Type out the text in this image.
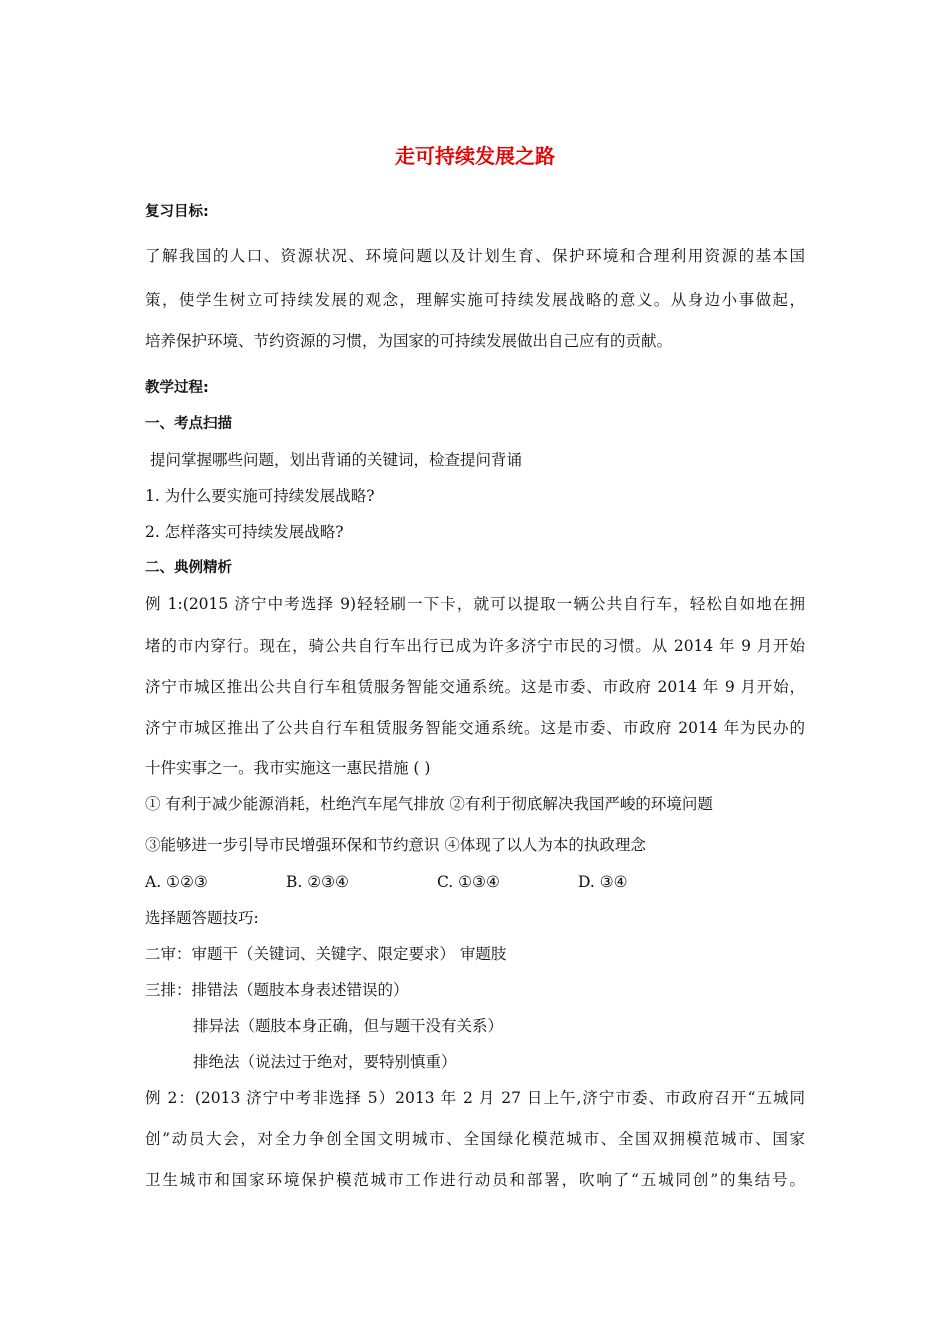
走可持续发展之路
复习目标:
了解我国的人口、资源状况、环境问题以及计划生育、保护环境和合理利用资源的基本国
策，使学生树立可持续发展的观念，理解实施可持续发展战略的意义。从身边小事做起，
培养保护环境、节约资源的习惯，为国家的可持续发展做出自己应有的贡献。
教学过程:
一、考点扫描
提问掌握哪些问题，划出背诵的关键词，检查提问背诵
1. 为什么要实施可持续发展战略?
2. 怎样落实可持续发展战略?
二、典例精析
例 1:(2015 济宁中考选择 9)轻轻刷一下卡，就可以提取一辆公共自行车，轻松自如地在拥
堵的市内穿行。现在，骑公共自行车出行已成为许多济宁市民的习惯。从 2014 年 9 月开始
济宁市城区推出公共自行车租赁服务智能交通系统。这是市委、市政府 2014 年 9 月开始，
济宁市城区推出了公共自行车租赁服务智能交通系统。这是市委、市政府 2014 年为民办的
十件实事之一。我市实施这一惠民措施 ( )
① 有利于减少能源消耗，杜绝汽车尾气排放 ②有利于彻底解决我国严峻的环境问题
③能够进一步引导市民增强环保和节约意识 ④体现了以人为本的执政理念
A. ①②③	B. ②③④	C. ①③④	D. ③④
选择题答题技巧:
二审：审题干（关键词、关键字、限定要求） 审题肢
三排：排错法（题肢本身表述错误的）
排异法（题肢本身正确，但与题干没有关系）
排绝法（说法过于绝对，要特别慎重）
例 2：(2013 济宁中考非选择 5）2013 年 2 月 27 日上午,济宁市委、市政府召开“五城同
创”动员大会，对全力争创全国文明城市、全国绿化模范城市、全国双拥模范城市、国家
卫生城市和国家环境保护模范城市工作进行动员和部署，吹响了“五城同创”的集结号。
